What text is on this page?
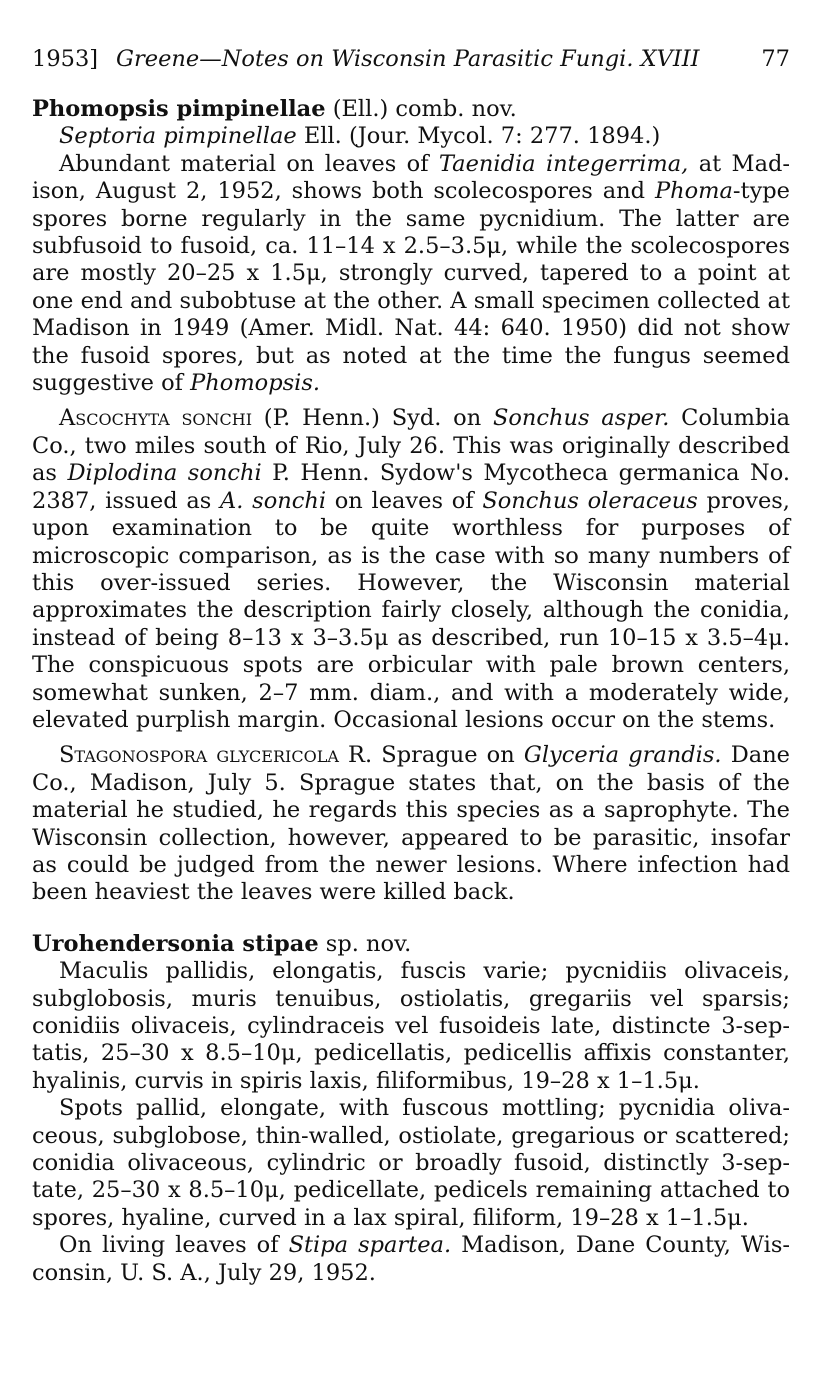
1953] Greene—Notes on Wisconsin Parasitic Fungi. XVIII	77

Phomopsis pimpinellae (Ell.) comb. nov.

Septoria pimpinellae Ell. (Jour. Mycol. 7: 277. 1894.)

Abundant material on leaves of Taenidia integerrima, at Madison, August 2, 1952, shows both scolecospores and Phoma-type spores borne regularly in the same pycnidium. The latter are subfusoid to fusoid, ca. 11–14 x 2.5–3.5μ, while the scolecospores are mostly 20–25 x 1.5μ, strongly curved, tapered to a point at one end and subobtuse at the other. A small specimen collected at Madison in 1949 (Amer. Midl. Nat. 44: 640. 1950) did not show the fusoid spores, but as noted at the time the fungus seemed suggestive of Phomopsis.

Ascochyta sonchi (P. Henn.) Syd. on Sonchus asper. Columbia Co., two miles south of Rio, July 26. This was originally described as Diplodina sonchi P. Henn. Sydow's Mycotheca germanica No. 2387, issued as A. sonchi on leaves of Sonchus oleraceus proves, upon examination to be quite worthless for purposes of microscopic comparison, as is the case with so many numbers of this over-issued series. However, the Wisconsin material approximates the description fairly closely, although the conidia, instead of being 8–13 x 3–3.5μ as described, run 10–15 x 3.5–4μ. The conspicuous spots are orbicular with pale brown centers, somewhat sunken, 2–7 mm. diam., and with a moderately wide, elevated purplish margin. Occasional lesions occur on the stems.

Stagonospora glycericola R. Sprague on Glyceria grandis. Dane Co., Madison, July 5. Sprague states that, on the basis of the material he studied, he regards this species as a saprophyte. The Wisconsin collection, however, appeared to be parasitic, insofar as could be judged from the newer lesions. Where infection had been heaviest the leaves were killed back.

Urohendersonia stipae sp. nov.

Maculis pallidis, elongatis, fuscis varie; pycnidiis olivaceis, subglobosis, muris tenuibus, ostiolatis, gregariis vel sparsis; conidiis olivaceis, cylindraceis vel fusoideis late, distincte 3-septatis, 25–30 x 8.5–10μ, pedicellatis, pedicellis affixis constanter, hyalinis, curvis in spiris laxis, filiformibus, 19–28 x 1–1.5μ.

Spots pallid, elongate, with fuscous mottling; pycnidia olivaceous, subglobose, thin-walled, ostiolate, gregarious or scattered; conidia olivaceous, cylindric or broadly fusoid, distinctly 3-septate, 25–30 x 8.5–10μ, pedicellate, pedicels remaining attached to spores, hyaline, curved in a lax spiral, filiform, 19–28 x 1–1.5μ.

On living leaves of Stipa spartea. Madison, Dane County, Wisconsin, U. S. A., July 29, 1952.
